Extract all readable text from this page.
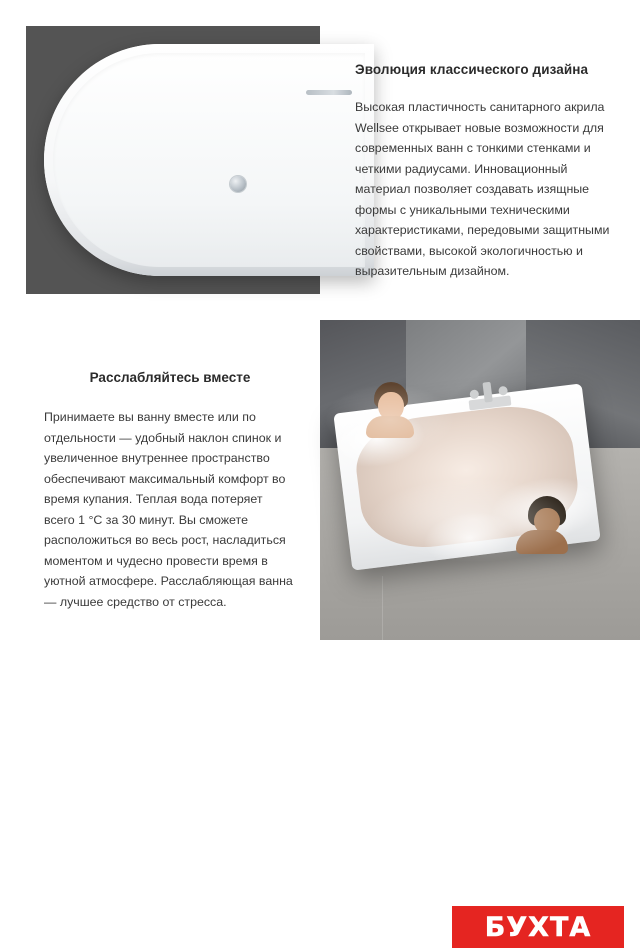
Эволюция классического дизайна
Высокая пластичность санитарного акрила Wellsee открывает новые возможности для современных ванн с тонкими стенками и четкими радиусами. Инновационный материал позволяет создавать изящные формы с уникальными техническими характеристиками, передовыми защитными свойствами, высокой экологичностью и выразительным дизайном.
Расслабляйтесь вместе
Принимаете вы ванну вместе или по отдельности — удобный наклон спинок и увеличенное внутреннее пространство обеспечивают максимальный комфорт во время купания. Теплая вода потеряет всего 1 °C за 30 минут. Вы сможете расположиться во весь рост, насладиться моментом и чудесно провести время в уютной атмосфере. Расслабляющая ванна — лучшее средство от стресса.
БУХТА
